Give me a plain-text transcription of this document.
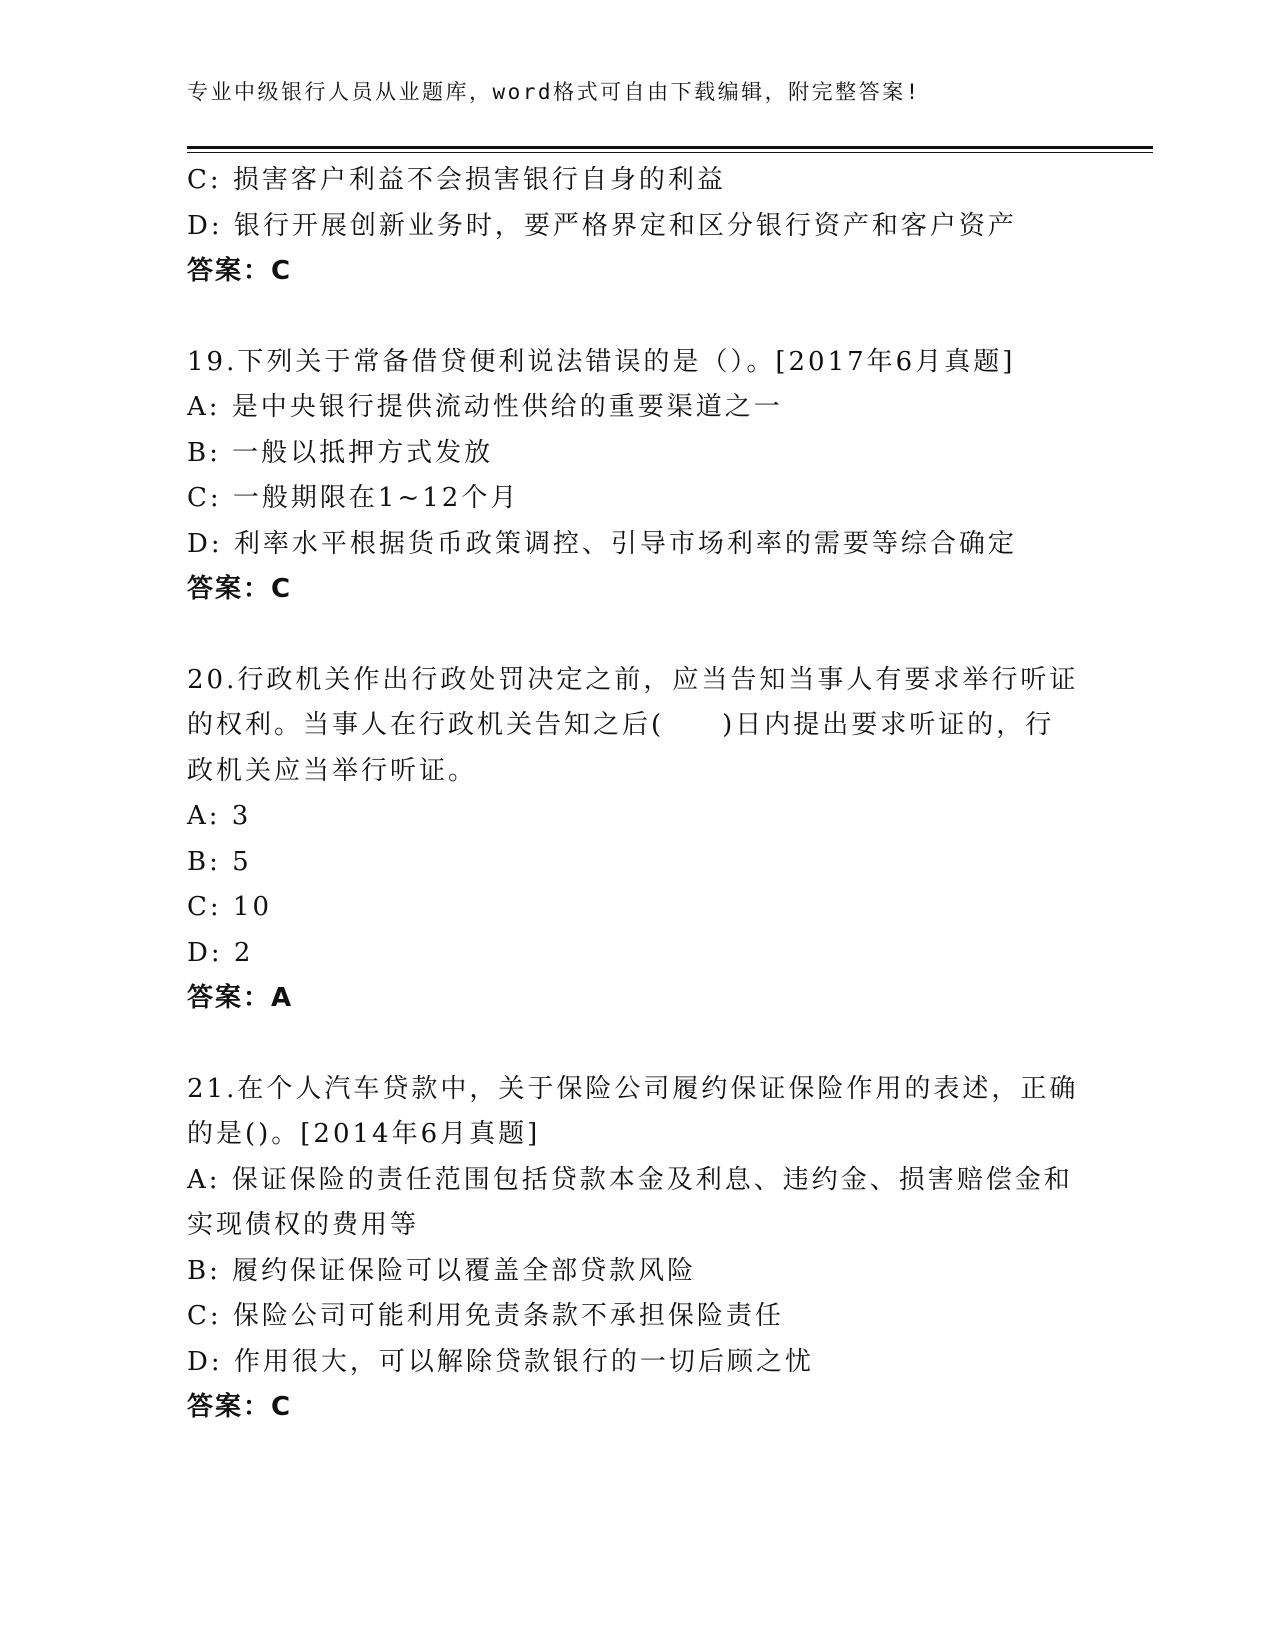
专业中级银行人员从业题库，word格式可自由下载编辑，附完整答案!
C: 损害客户利益不会损害银行自身的利益
D: 银行开展创新业务时，要严格界定和区分银行资产和客户资产
答案：C
19.下列关于常备借贷便利说法错误的是（）。[2017年6月真题]
A: 是中央银行提供流动性供给的重要渠道之一
B: 一般以抵押方式发放
C: 一般期限在1~12个月
D: 利率水平根据货币政策调控、引导市场利率的需要等综合确定
答案：C
20.行政机关作出行政处罚决定之前，应当告知当事人有要求举行听证
的权利。当事人在行政机关告知之后(　　)日内提出要求听证的，行
政机关应当举行听证。
A: 3
B: 5
C: 10
D: 2
答案：A
21.在个人汽车贷款中，关于保险公司履约保证保险作用的表述，正确
的是()。[2014年6月真题]
A: 保证保险的责任范围包括贷款本金及利息、违约金、损害赔偿金和
实现债权的费用等
B: 履约保证保险可以覆盖全部贷款风险
C: 保险公司可能利用免责条款不承担保险责任
D: 作用很大，可以解除贷款银行的一切后顾之忧
答案：C
